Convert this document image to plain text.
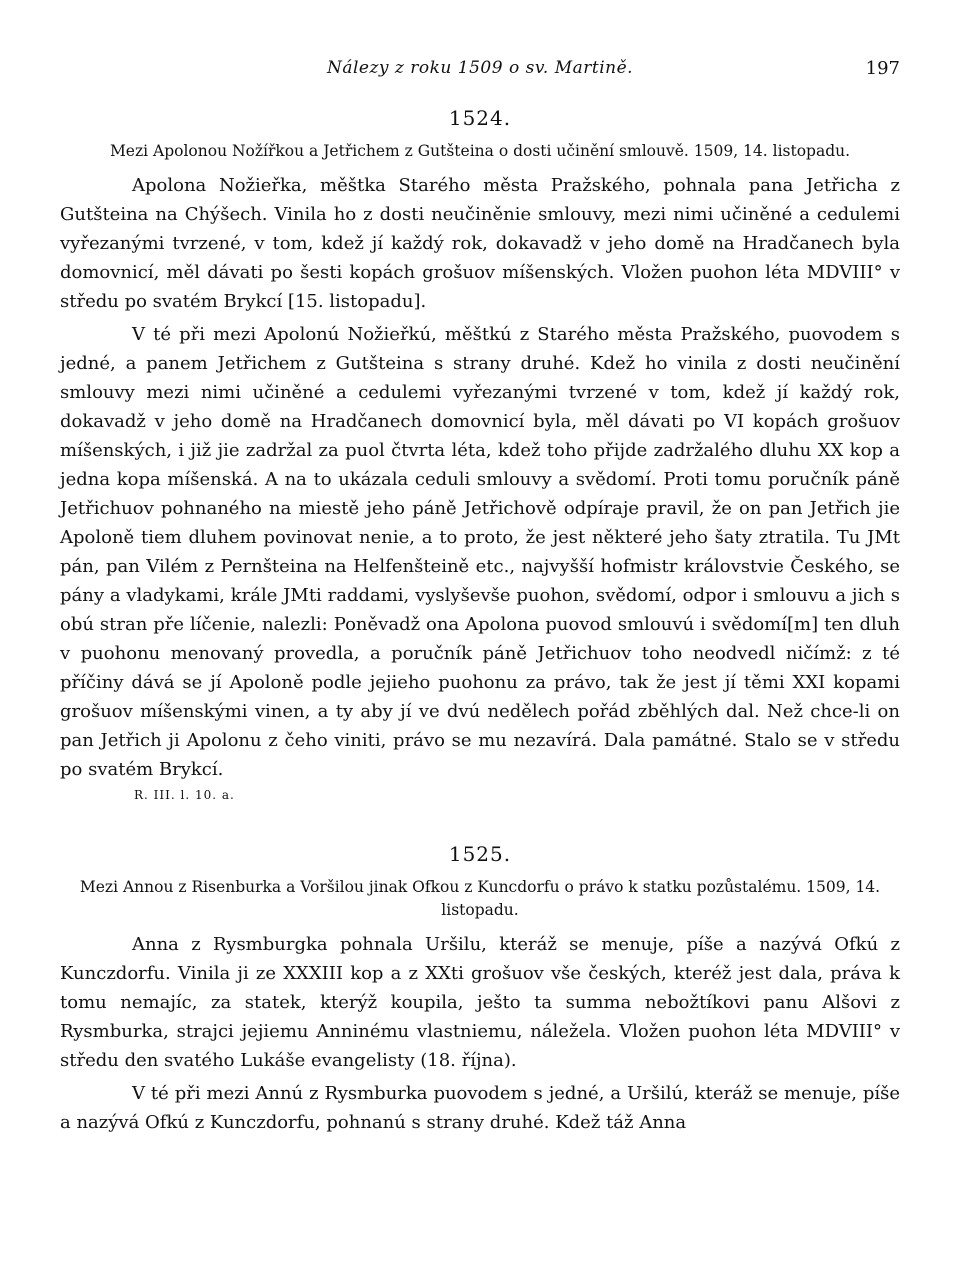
Nálezy z roku 1509 o sv. Martině.	197
1524.

Mezi Apolonou Nožířkou a Jetřichem z Gutšteina o dosti učinění smlouvě. 1509, 14. listopadu.

Apolona Nožieřka, měštka Starého města Pražského, pohnala pana Jetřicha z Gutšteina na Chýšech. Vinila ho z dosti neučiněnie smlouvy, mezi nimi učiněné a cedulemi vyřezanými tvrzené, v tom, kdež jí každý rok, dokavadž v jeho domě na Hradčanech byla domovnicí, měl dávati po šesti kopách grošuov míšenských. Vložen puohon léta MDVIII° v středu po svatém Brykcí [15. listopadu].

V té při mezi Apolonú Nožieřkú, měštkú z Starého města Pražského, puovodem s jedné, a panem Jetřichem z Gutšteina s strany druhé. Kdež ho vinila z dosti neučinění smlouvy mezi nimi učiněné a cedulemi vyřezanými tvrzené v tom, kdež jí každý rok, dokavadž v jeho domě na Hradčanech domovnicí byla, měl dávati po VI kopách grošuov míšenských, i již jie zadržal za puol čtvrta léta, kdež toho přijde zadržalého dluhu XX kop a jedna kopa míšenská. A na to ukázala ceduli smlouvy a svědomí. Proti tomu poručník páně Jetřichuov pohnaného na miestě jeho páně Jetřichově odpíraje pravil, že on pan Jetřich jie Apoloně tiem dluhem povinovat nenie, a to proto, že jest některé jeho šaty ztratila. Tu JMt pán, pan Vilém z Pernšteina na Helfenšteině etc., najvyšší hofmistr královstvie Českého, se pány a vladykami, krále JMti raddami, vyslyševše puohon, svědomí, odpor i smlouvu a jich s obú stran pře líčenie, nalezli: Poněvadž ona Apolona puovod smlouvú i svědomí[m] ten dluh v puohonu menovaný provedla, a poručník páně Jetřichuov toho neodvedl ničímž: z té příčiny dává se jí Apoloně podle jejieho puohonu za právo, tak že jest jí těmi XXI kopami grošuov míšenskými vinen, a ty aby jí ve dvú nedělech pořád zběhlých dal. Než chce-li on pan Jetřich ji Apolonu z čeho viniti, právo se mu nezavírá. Dala památné. Stalo se v středu po svatém Brykcí.

R. III. l. 10. a.
1525.

Mezi Annou z Risenburka a Voršilou jinak Ofkou z Kuncdorfu o právo k statku pozůstalému. 1509, 14. listopadu.

Anna z Rysmburgka pohnala Uršilu, kteráž se menuje, píše a nazývá Ofkú z Kunczdorfu. Vinila ji ze XXXIII kop a z XXti grošuov vše českých, kteréž jest dala, práva k tomu nemajíc, za statek, kterýž koupila, ješto ta summa nebožtíkovi panu Alšovi z Rysmburka, strajci jejiemu Anninému vlastniemu, náležela. Vložen puohon léta MDVIII° v středu den svatého Lukáše evangelisty (18. října).

V té při mezi Annú z Rysmburka puovodem s jedné, a Uršilú, kteráž se menuje, píše a nazývá Ofkú z Kunczdorfu, pohnanú s strany druhé. Kdež táž Anna
